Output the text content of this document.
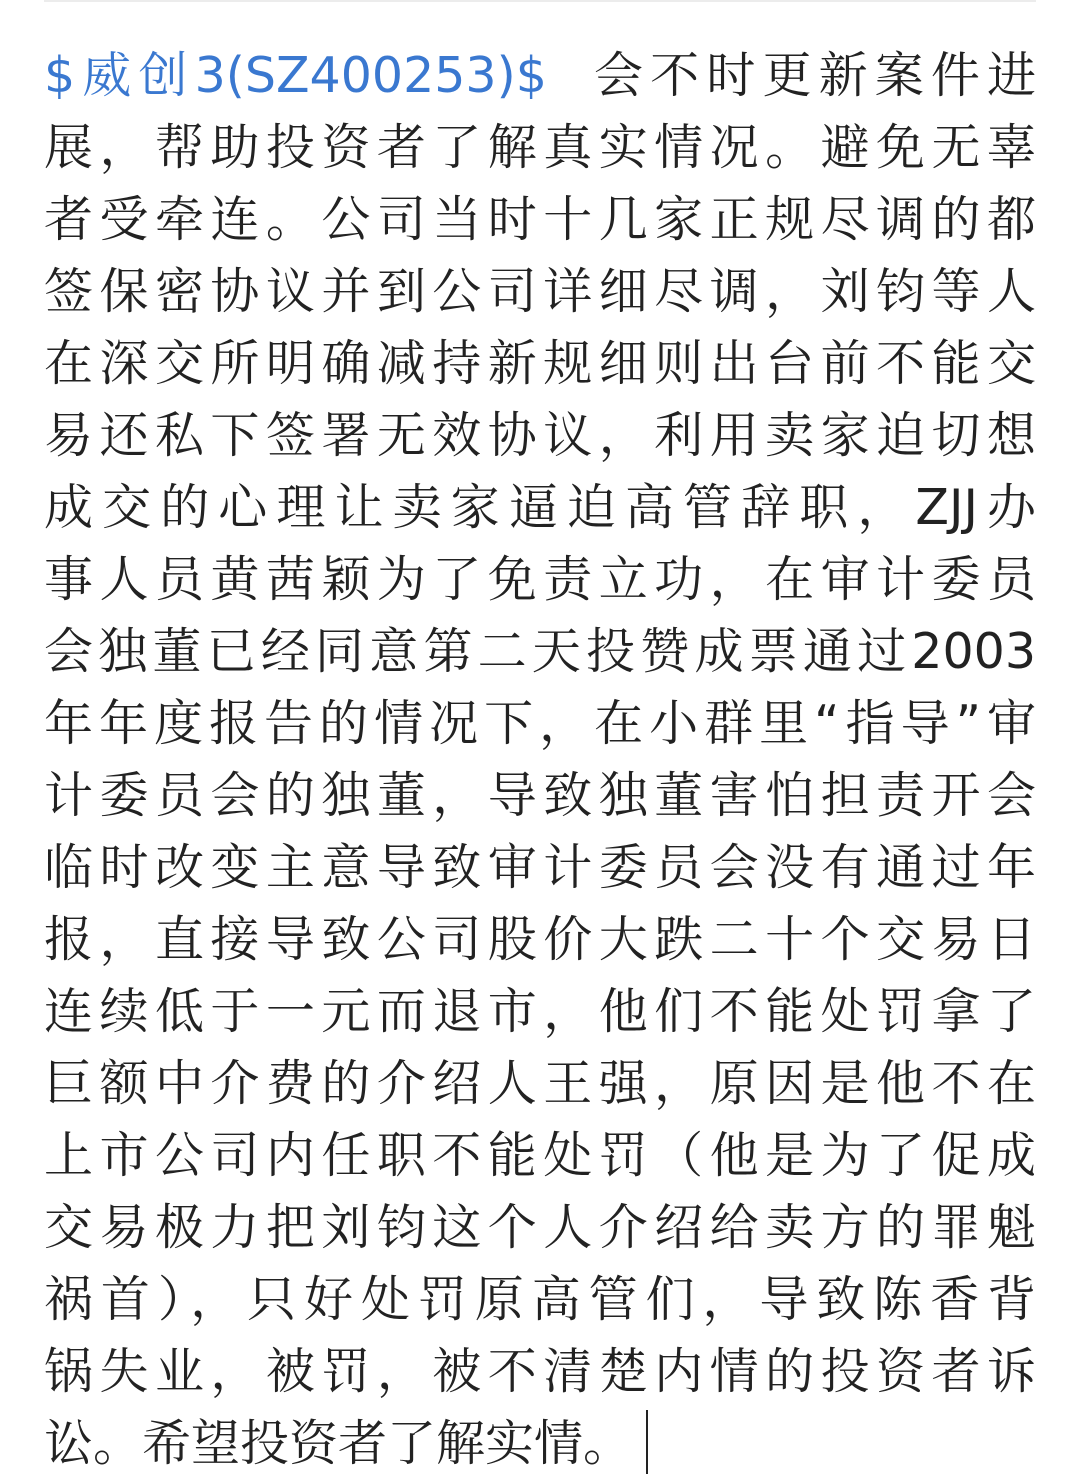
$威创3(SZ400253)$ 会不时更新案件进
展，帮助投资者了解真实情况。避免无辜
者受牵连。公司当时十几家正规尽调的都
签保密协议并到公司详细尽调，刘钧等人
在深交所明确减持新规细则出台前不能交
易还私下签署无效协议，利用卖家迫切想
成交的心理让卖家逼迫高管辞职，ZJJ办
事人员黄茜颖为了免责立功，在审计委员
会独董已经同意第二天投赞成票通过2003
年年度报告的情况下，在小群里“指导”审
计委员会的独董，导致独董害怕担责开会
临时改变主意导致审计委员会没有通过年
报，直接导致公司股价大跌二十个交易日
连续低于一元而退市，他们不能处罚拿了
巨额中介费的介绍人王强，原因是他不在
上市公司内任职不能处罚（他是为了促成
交易极力把刘钧这个人介绍给卖方的罪魁
祸首），只好处罚原高管们，导致陈香背
锅失业，被罚，被不清楚内情的投资者诉
讼。希望投资者了解实情。
